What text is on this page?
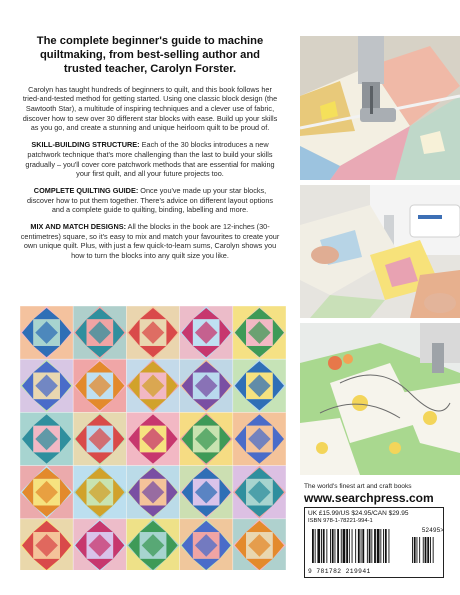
The complete beginner's guide to machine quiltmaking, from best-selling author and trusted teacher, Carolyn Forster.

Carolyn has taught hundreds of beginners to quilt, and this book follows her tried-and-tested method for getting started. Using one classic block design (the Sawtooth Star), a multitude of inspiring techniques and a clever use of fabric, discover how to sew over 30 different star blocks with ease. Build up your skills as you go, and create a stunning and unique heirloom quilt to be proud of.

SKILL-BUILDING STRUCTURE: Each of the 30 blocks introduces a new patchwork technique that's more challenging than the last to build your skills gradually – you'll cover core patchwork methods that are essential for making your first quilt, and all your future projects too.

COMPLETE QUILTING GUIDE: Once you've made up your star blocks, discover how to put them together. There's advice on different layout options and a complete guide to quilting, binding, labelling and more.

MIX AND MATCH DESIGNS: All the blocks in the book are 12-inches (30-centimetres) square, so it's easy to mix and match your favourites to create your own unique quilt. Plus, with just a few quick-to-learn sums, Carolyn shows you how to turn the blocks into any quilt size you like.

The world's finest art and craft books
www.searchpress.com
UK £15.99/US $24.95/CAN $29.95
ISBN 978-1-78221-994-1
52495>
9 781782 219941
